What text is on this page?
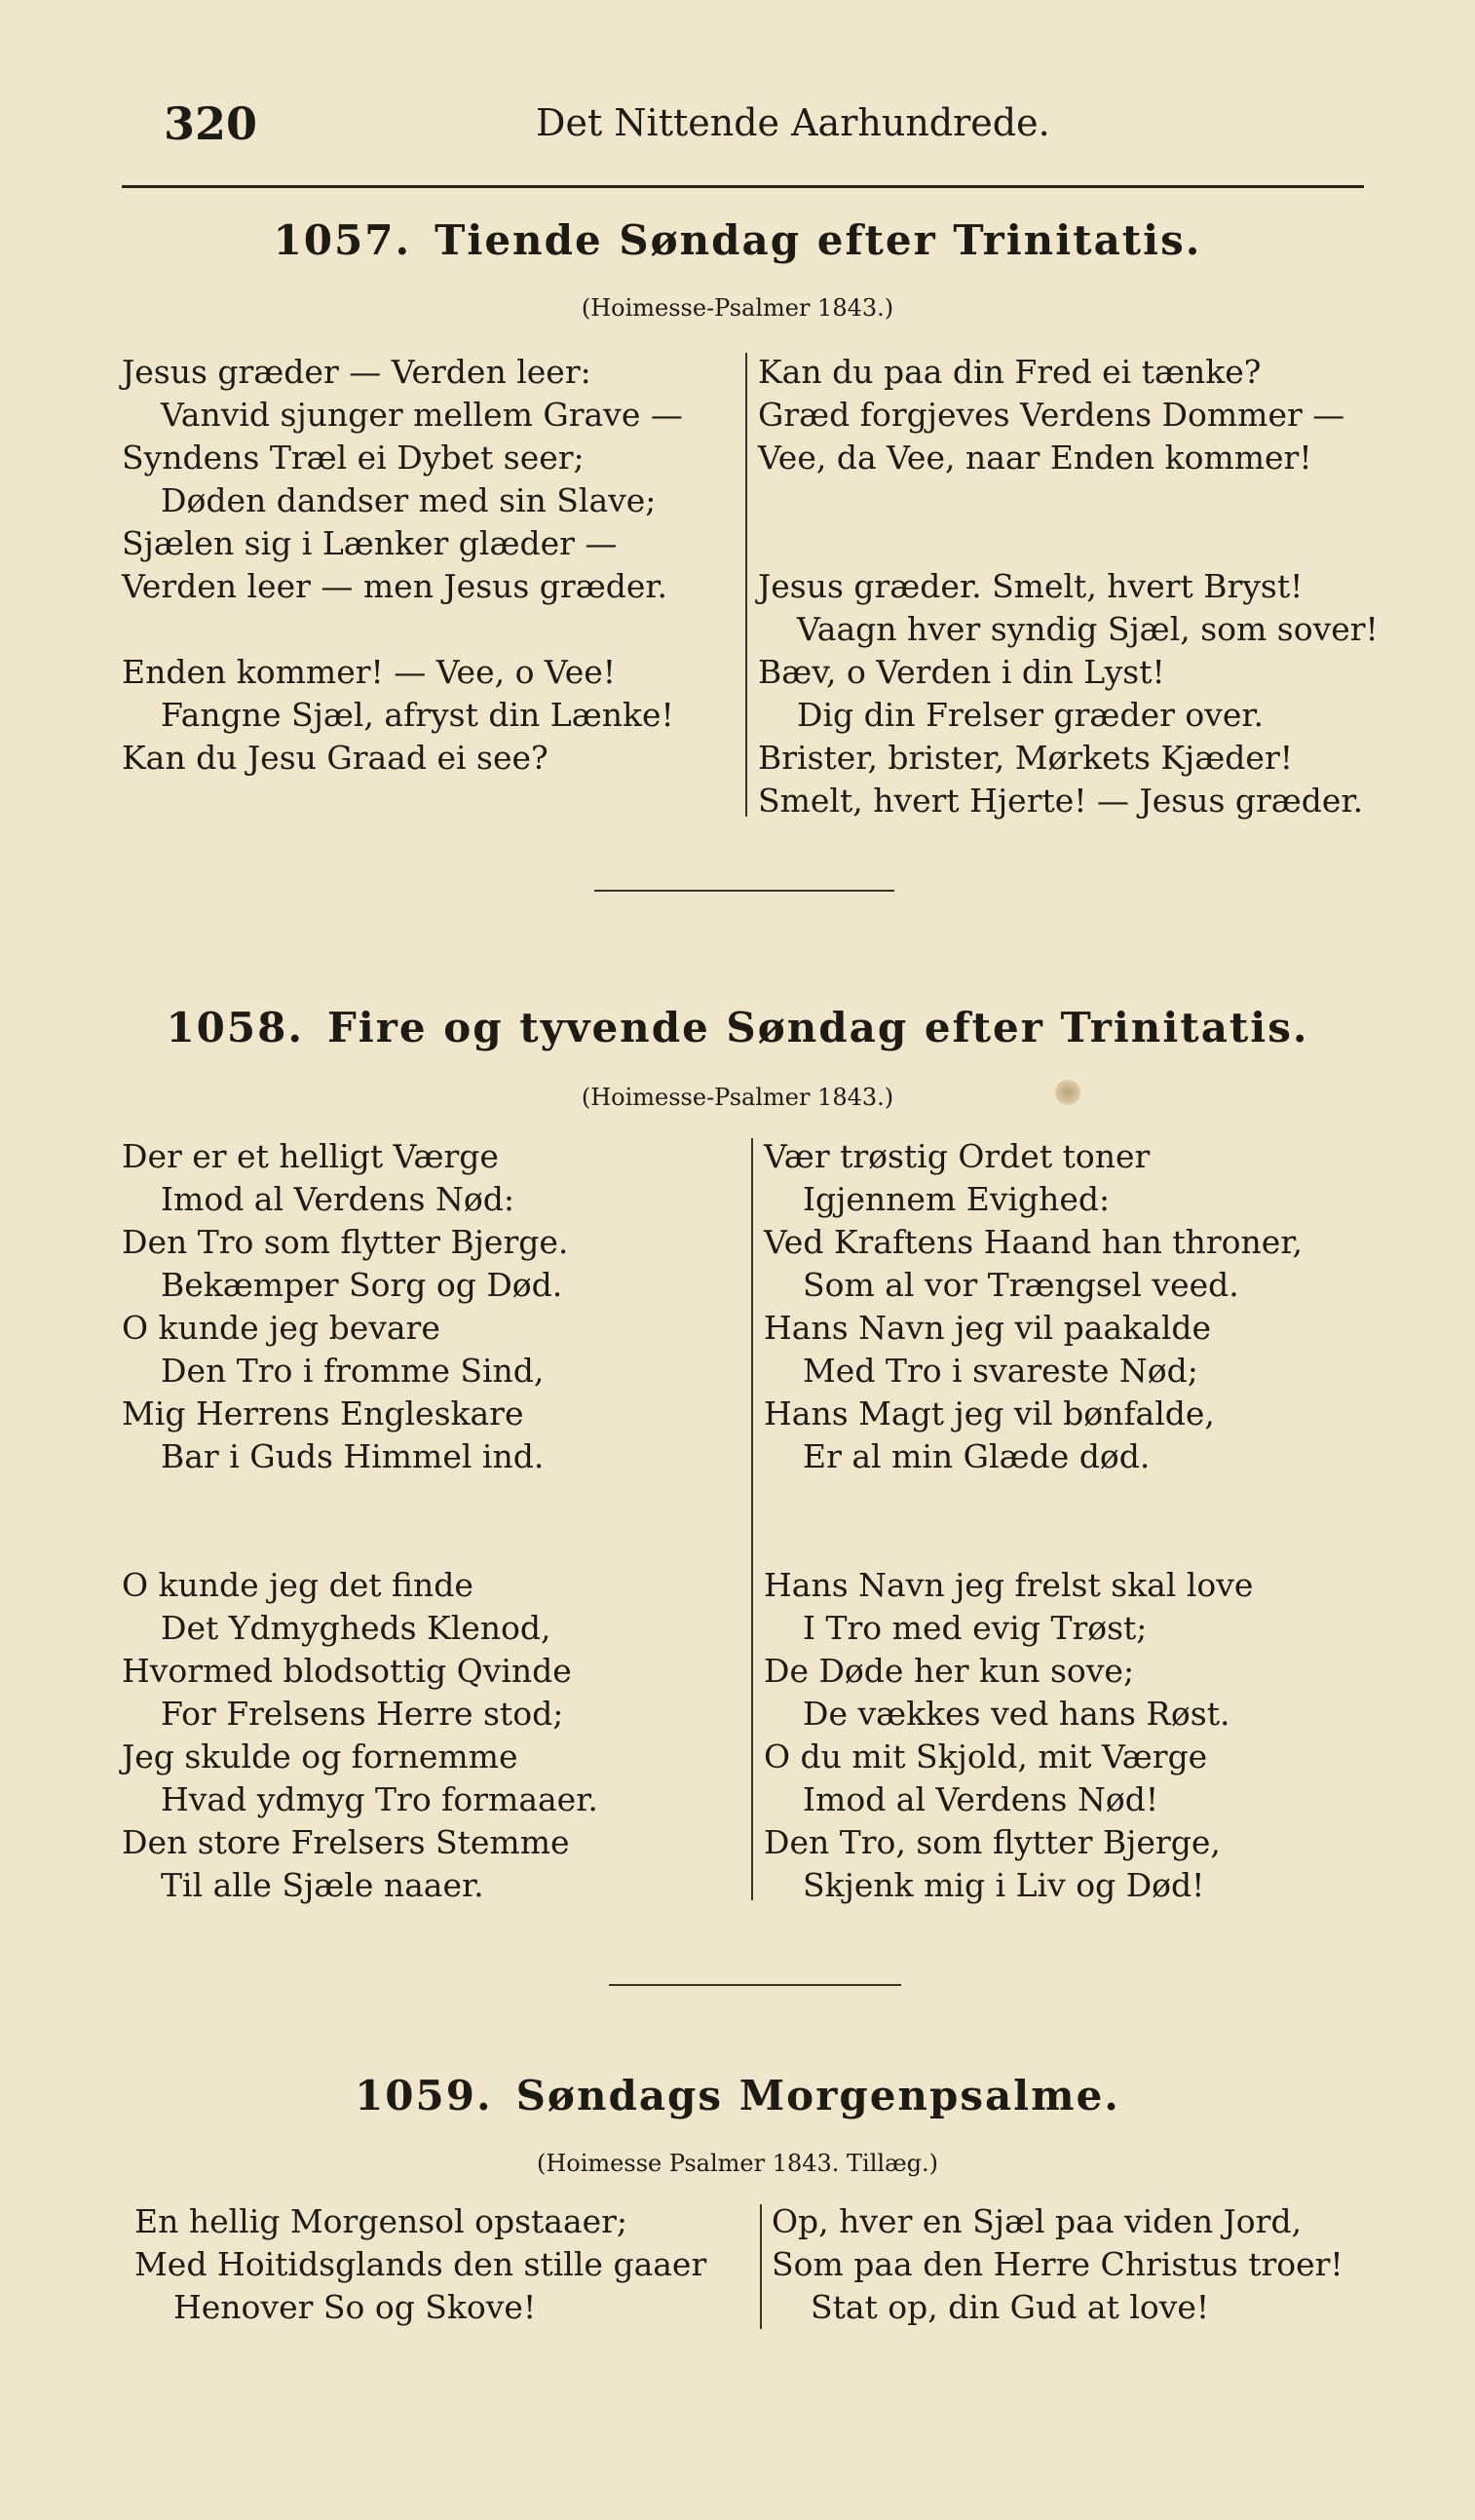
320	Det Nittende Aarhundrede.
1057. Tiende Søndag efter Trinitatis.
(Hoimesse-Psalmer 1843.)
Jesus græder — Verden leer:
Vanvid sjunger mellem Grave —
Syndens Træl ei Dybet seer;
Døden dandser med sin Slave;
Sjælen sig i Lænker glæder —
Verden leer — men Jesus græder.
Enden kommer! — Vee, o Vee!
Fangne Sjæl, afryst din Lænke!
Kan du Jesu Graad ei see?
Kan du paa din Fred ei tænke?
Græd forgjeves Verdens Dommer —
Vee, da Vee, naar Enden kommer!
Jesus græder. Smelt, hvert Bryst!
Vaagn hver syndig Sjæl, som sover!
Bæv, o Verden i din Lyst!
Dig din Frelser græder over.
Brister, brister, Mørkets Kjæder!
Smelt, hvert Hjerte! — Jesus græder.
1058. Fire og tyvende Søndag efter Trinitatis.
(Hoimesse-Psalmer 1843.)
Der er et helligt Værge
Imod al Verdens Nød:
Den Tro som flytter Bjerge.
Bekæmper Sorg og Død.
O kunde jeg bevare
Den Tro i fromme Sind,
Mig Herrens Engleskare
Bar i Guds Himmel ind.
O kunde jeg det finde
Det Ydmygheds Klenod,
Hvormed blodsottig Qvinde
For Frelsens Herre stod;
Jeg skulde og fornemme
Hvad ydmyg Tro formaaer.
Den store Frelsers Stemme
Til alle Sjæle naaer.
Vær trøstig Ordet toner
Igjennem Evighed:
Ved Kraftens Haand han throner,
Som al vor Trængsel veed.
Hans Navn jeg vil paakalde
Med Tro i svareste Nød;
Hans Magt jeg vil bønfalde,
Er al min Glæde død.
Hans Navn jeg frelst skal love
I Tro med evig Trøst;
De Døde her kun sove;
De vækkes ved hans Røst.
O du mit Skjold, mit Værge
Imod al Verdens Nød!
Den Tro, som flytter Bjerge,
Skjenk mig i Liv og Død!
1059. Søndags Morgenpsalme.
(Hoimesse Psalmer 1843. Tillæg.)
En hellig Morgensol opstaaer;
Med Hoitidsglands den stille gaaer
Henover So og Skove!
Op, hver en Sjæl paa viden Jord,
Som paa den Herre Christus troer!
Stat op, din Gud at love!
